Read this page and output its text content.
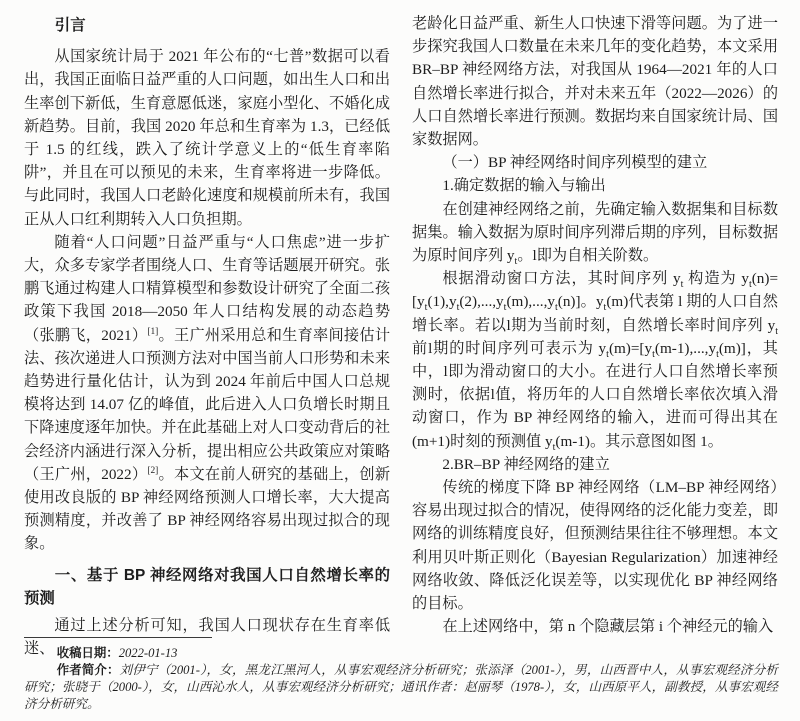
引言

从国家统计局于 2021 年公布的“七普”数据可以看出，我国正面临日益严重的人口问题，如出生人口和出生率创下新低，生育意愿低迷，家庭小型化、不婚化成新趋势。目前，我国 2020 年总和生育率为 1.3，已经低于 1.5 的红线，跌入了统计学意义上的“低生育率陷阱”，并且在可以预见的未来，生育率将进一步降低。与此同时，我国人口老龄化速度和规模前所未有，我国正从人口红利期转入人口负担期。

随着“人口问题”日益严重与“人口焦虑”进一步扩大，众多专家学者围绕人口、生育等话题展开研究。张鹏飞通过构建人口精算模型和参数设计研究了全面二孩政策下我国 2018—2050 年人口结构发展的动态趋势（张鹏飞，2021）[1]。王广州采用总和生育率间接估计法、孩次递进人口预测方法对中国当前人口形势和未来趋势进行量化估计，认为到 2024 年前后中国人口总规模将达到 14.07 亿的峰值，此后进入人口负增长时期且下降速度逐年加快。并在此基础上对人口变动背后的社会经济内涵进行深入分析，提出相应公共政策应对策略（王广州，2022）[2]。本文在前人研究的基础上，创新使用改良版的 BP 神经网络预测人口增长率，大大提高预测精度，并改善了 BP 神经网络容易出现过拟合的现象。

一、基于 BP 神经网络对我国人口自然增长率的预测

通过上述分析可知，我国人口现状存在生育率低迷、

老龄化日益严重、新生人口快速下滑等问题。为了进一步探究我国人口数量在未来几年的变化趋势，本文采用 BR–BP 神经网络方法，对我国从 1964—2021 年的人口自然增长率进行拟合，并对未来五年（2022—2026）的人口自然增长率进行预测。数据均来自国家统计局、国家数据网。

（一）BP 神经网络时间序列模型的建立

1.确定数据的输入与输出

在创建神经网络之前，先确定输入数据集和目标数据集。输入数据为原时间序列滞后期的序列，目标数据为原时间序列 $y_t$。l即为自相关阶数。

根据滑动窗口方法，其时间序列 $y_t$ 构造为 $y_t(n)=[y_t(1),y_t(2),...,y_t(m),...,y_t(n)]$。$y_t(m)$代表第 l 期的人口自然增长率。若以l期为当前时刻，自然增长率时间序列 $y_t$ 前l期的时间序列可表示为 $y_t(m)=[y_t(m-1),...,y_t(m)]$，其中，l即为滑动窗口的大小。在进行人口自然增长率预测时，依据l值，将历年的人口自然增长率依次填入滑动窗口，作为 BP 神经网络的输入，进而可得出其在(m+1)时刻的预测值 $y_t(m-1)$。其示意图如图 1。

2.BR–BP 神经网络的建立

传统的梯度下降 BP 神经网络（LM–BP 神经网络）容易出现过拟合的情况，使得网络的泛化能力变差，即网络的训练精度良好，但预测结果往往不够理想。本文利用贝叶斯正则化（Bayesian Regularization）加速神经网络收敛、降低泛化误差等，以实现优化 BP 神经网络的目标。

在上述网络中，第 n 个隐藏层第 i 个神经元的输入

收稿日期：2022-01-13

作者简介：刘伊宁（2001-），女，黑龙江黑河人，从事宏观经济分析研究；张添泽（2001-），男，山西晋中人，从事宏观经济分析研究；张晓于（2000-），女，山西沁水人，从事宏观经济分析研究；通讯作者：赵丽琴（1978-），女，山西原平人，副教授，从事宏观经济分析研究。
